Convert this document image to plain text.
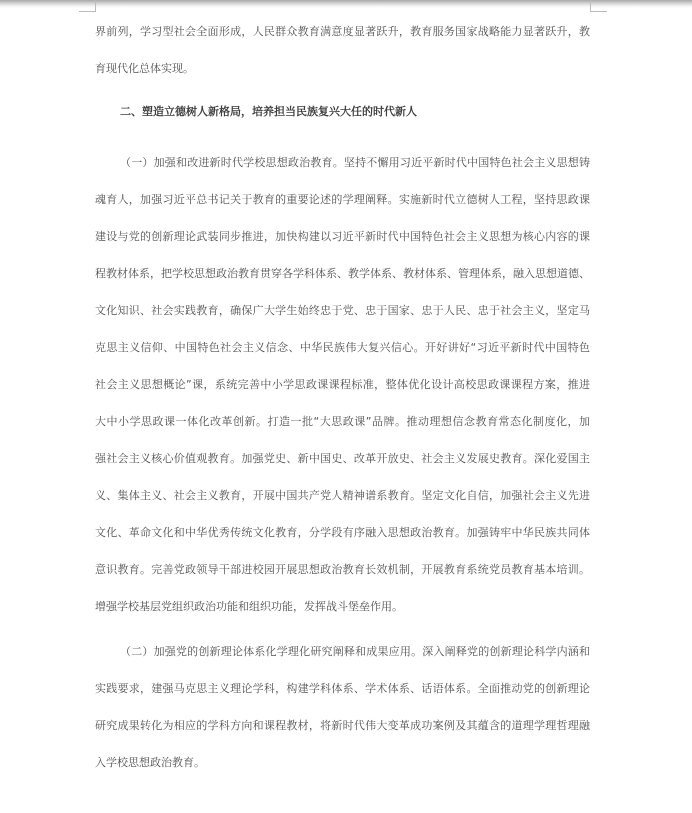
界前列，学习型社会全面形成，人民群众教育满意度显著跃升，教育服务国家战略能力显著跃升，教
育现代化总体实现。
二、塑造立德树人新格局，培养担当民族复兴大任的时代新人
（一）加强和改进新时代学校思想政治教育。坚持不懈用习近平新时代中国特色社会主义思想铸
魂育人，加强习近平总书记关于教育的重要论述的学理阐释。实施新时代立德树人工程，坚持思政课
建设与党的创新理论武装同步推进，加快构建以习近平新时代中国特色社会主义思想为核心内容的课
程教材体系，把学校思想政治教育贯穿各学科体系、教学体系、教材体系、管理体系，融入思想道德、
文化知识、社会实践教育，确保广大学生始终忠于党、忠于国家、忠于人民、忠于社会主义，坚定马
克思主义信仰、中国特色社会主义信念、中华民族伟大复兴信心。开好讲好“习近平新时代中国特色
社会主义思想概论”课，系统完善中小学思政课课程标准，整体优化设计高校思政课课程方案，推进
大中小学思政课一体化改革创新。打造一批“大思政课”品牌。推动理想信念教育常态化制度化，加
强社会主义核心价值观教育。加强党史、新中国史、改革开放史、社会主义发展史教育。深化爱国主
义、集体主义、社会主义教育，开展中国共产党人精神谱系教育。坚定文化自信，加强社会主义先进
文化、革命文化和中华优秀传统文化教育，分学段有序融入思想政治教育。加强铸牢中华民族共同体
意识教育。完善党政领导干部进校园开展思想政治教育长效机制，开展教育系统党员教育基本培训。
增强学校基层党组织政治功能和组织功能，发挥战斗堡垒作用。
（二）加强党的创新理论体系化学理化研究阐释和成果应用。深入阐释党的创新理论科学内涵和
实践要求，建强马克思主义理论学科，构建学科体系、学术体系、话语体系。全面推动党的创新理论
研究成果转化为相应的学科方向和课程教材，将新时代伟大变革成功案例及其蕴含的道理学理哲理融
入学校思想政治教育。
